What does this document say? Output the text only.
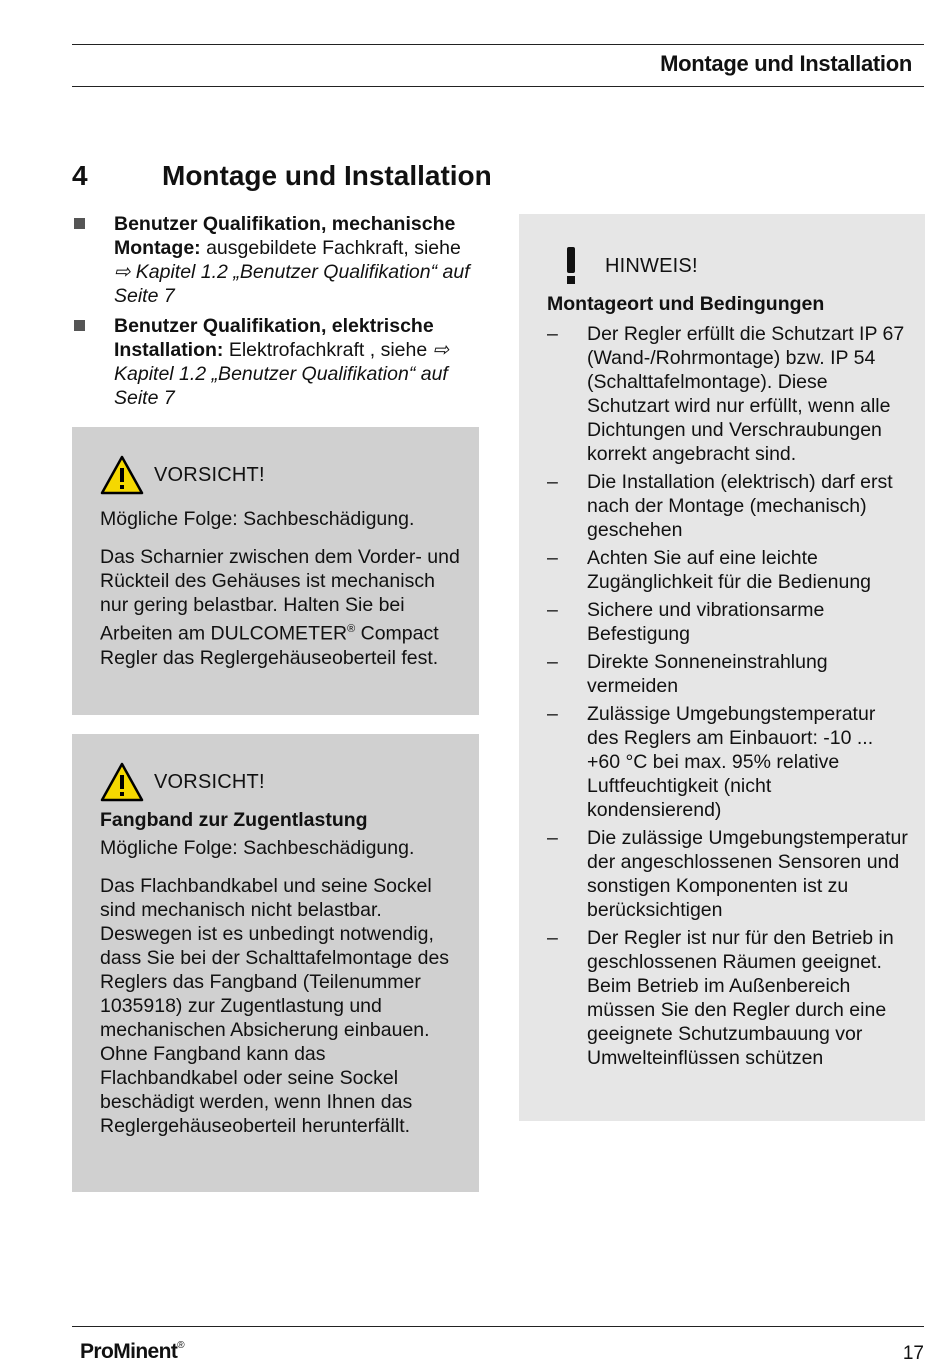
Montage und Installation
4	Montage und Installation
Benutzer Qualifikation, mechanische Montage: ausgebildete Fachkraft, siehe ⇨ Kapitel 1.2 „Benutzer Qualifikation“ auf Seite 7
Benutzer Qualifikation, elektrische Installation: Elektrofachkraft , siehe ⇨ Kapitel 1.2 „Benutzer Qualifikation“ auf Seite 7
VORSICHT!

Mögliche Folge: Sachbeschädigung.

Das Scharnier zwischen dem Vorder- und Rückteil des Gehäuses ist mechanisch nur gering belastbar. Halten Sie bei Arbeiten am DULCOMETER® Compact Regler das Reglergehäuseoberteil fest.

VORSICHT!

Fangband zur Zugentlastung

Mögliche Folge: Sachbeschädigung.

Das Flachbandkabel und seine Sockel sind mechanisch nicht belastbar. Deswegen ist es unbedingt notwendig, dass Sie bei der Schalttafelmontage des Reglers das Fangband (Teilenummer 1035918) zur Zugentlastung und mechanischen Absicherung einbauen. Ohne Fangband kann das Flachbandkabel oder seine Sockel beschädigt werden, wenn Ihnen das Reglergehäuseoberteil herunterfällt.

HINWEIS!

Montageort und Bedingungen

– Der Regler erfüllt die Schutzart IP 67 (Wand-/Rohrmontage) bzw. IP 54 (Schalttafelmontage). Diese Schutzart wird nur erfüllt, wenn alle Dichtungen und Verschraubungen korrekt angebracht sind.
– Die Installation (elektrisch) darf erst nach der Montage (mechanisch) geschehen
– Achten Sie auf eine leichte Zugänglichkeit für die Bedienung
– Sichere und vibrationsarme Befestigung
– Direkte Sonneneinstrahlung vermeiden
– Zulässige Umgebungstemperatur des Reglers am Einbauort: -10 ... +60 °C bei max. 95% relative Luftfeuchtigkeit (nicht kondensierend)
– Die zulässige Umgebungstemperatur der angeschlossenen Sensoren und sonstigen Komponenten ist zu berücksichtigen
– Der Regler ist nur für den Betrieb in geschlossenen Räumen geeignet. Beim Betrieb im Außenbereich müssen Sie den Regler durch eine geeignete Schutzumbauung vor Umwelteinflüssen schützen
ProMinent®	17
